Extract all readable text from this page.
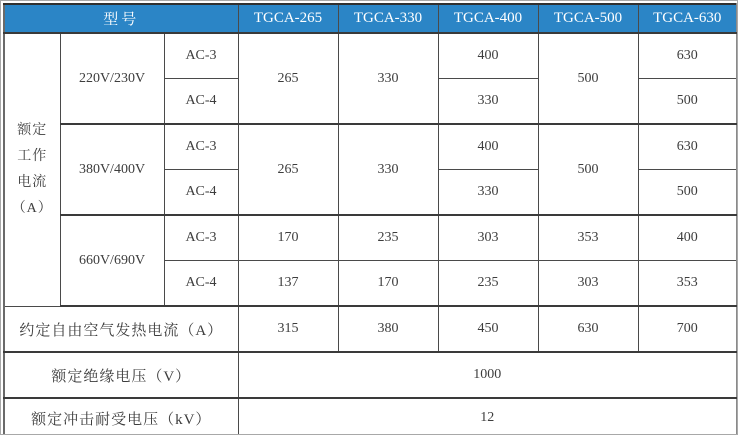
型号			TGCA-265	TGCA-330	TGCA-400	TGCA-500	TGCA-630

额定
工作
电流
（A）	220V/230V	AC-3	265	330	400	500	630
		AC-4			330		500
	380V/400V	AC-3	265	330	400	500	630
		AC-4			330		500
	660V/690V	AC-3	170	235	303	353	400
		AC-4	137	170	235	303	353
约定自由空气发热电流（A）			315	380	450	630	700
额定绝缘电压（V）			1000				
额定冲击耐受电压（kV）			12				
